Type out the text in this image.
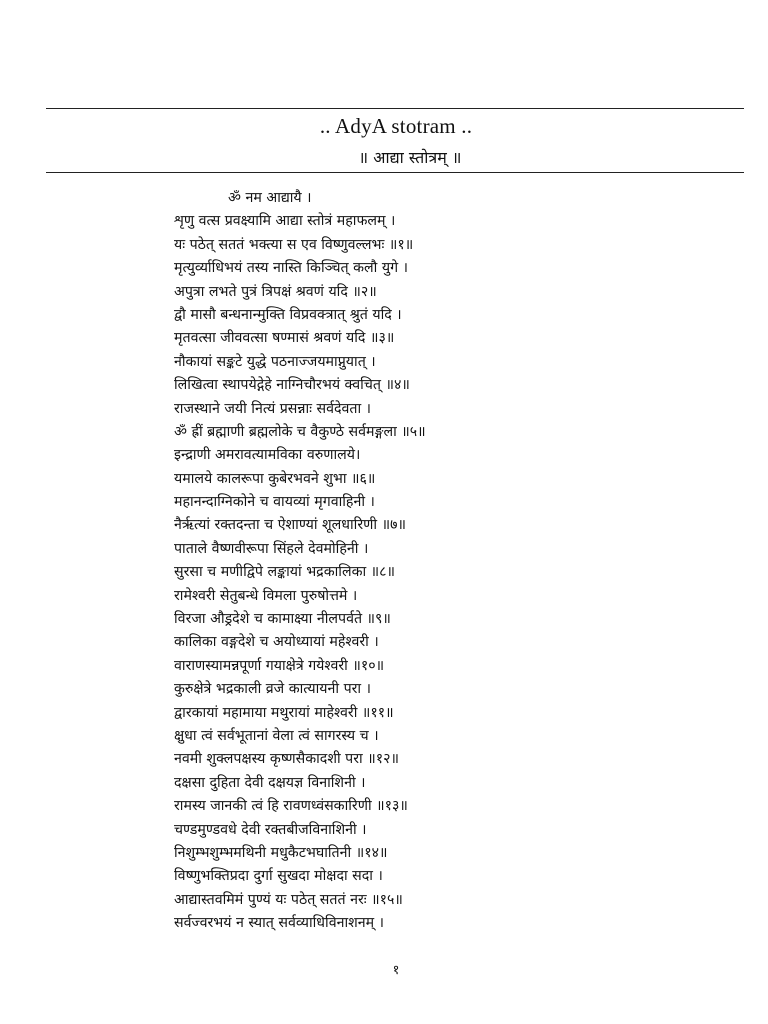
.. AdyA stotram ..
॥ आद्या स्तोत्रम् ॥
ॐ नम आद्यायै ।
शृणु वत्स प्रवक्ष्यामि आद्या स्तोत्रं महाफलम् ।
यः पठेत् सततं भक्त्या स एव विष्णुवल्लभः ॥१॥
मृत्युर्व्याधिभयं तस्य नास्ति किञ्चित् कलौ युगे ।
अपुत्रा लभते पुत्रं त्रिपक्षं श्रवणं यदि ॥२॥
द्वौ मासौ बन्धनान्मुक्ति विप्रवक्त्रात् श्रुतं यदि ।
मृतवत्सा जीववत्सा षण्मासं श्रवणं यदि ॥३॥
नौकायां सङ्कटे युद्धे पठनाज्जयमाप्नुयात् ।
लिखित्वा स्थापयेद्गेहे नाग्निचौरभयं क्वचित् ॥४॥
राजस्थाने जयी नित्यं प्रसन्नाः सर्वदेवता ।
ॐ ह्रीं ब्रह्माणी ब्रह्मलोके च वैकुण्ठे सर्वमङ्गला ॥५॥
इन्द्राणी अमरावत्यामविका वरुणालये।
यमालये कालरूपा कुबेरभवने शुभा ॥६॥
महानन्दाग्निकोने च वायव्यां मृगवाहिनी ।
नैरृत्यां रक्तदन्ता च ऐशाण्यां शूलधारिणी ॥७॥
पाताले वैष्णवीरूपा सिंहले देवमोहिनी ।
सुरसा च मणीद्विपे लङ्कायां भद्रकालिका ॥८॥
रामेश्वरी सेतुबन्धे विमला पुरुषोत्तमे ।
विरजा औड्रदेशे च कामाक्ष्या नीलपर्वते ॥९॥
कालिका वङ्गदेशे च अयोध्यायां महेश्वरी ।
वाराणस्यामन्नपूर्णा गयाक्षेत्रे गयेश्वरी ॥१०॥
कुरुक्षेत्रे भद्रकाली व्रजे कात्यायनी परा ।
द्वारकायां महामाया मथुरायां माहेश्वरी ॥११॥
क्षुधा त्वं सर्वभूतानां वेला त्वं सागरस्य च ।
नवमी शुक्लपक्षस्य कृष्णसैकादशी परा ॥१२॥
दक्षसा दुहिता देवी दक्षयज्ञ विनाशिनी ।
रामस्य जानकी त्वं हि रावणध्वंसकारिणी ॥१३॥
चण्डमुण्डवधे देवी रक्तबीजविनाशिनी ।
निशुम्भशुम्भमथिनी मधुकैटभघातिनी ॥१४॥
विष्णुभक्तिप्रदा दुर्गा सुखदा मोक्षदा सदा ।
आद्यास्तवमिमं पुण्यं यः पठेत् सततं नरः ॥१५॥
सर्वज्वरभयं न स्यात् सर्वव्याधिविनाशनम् ।
१
